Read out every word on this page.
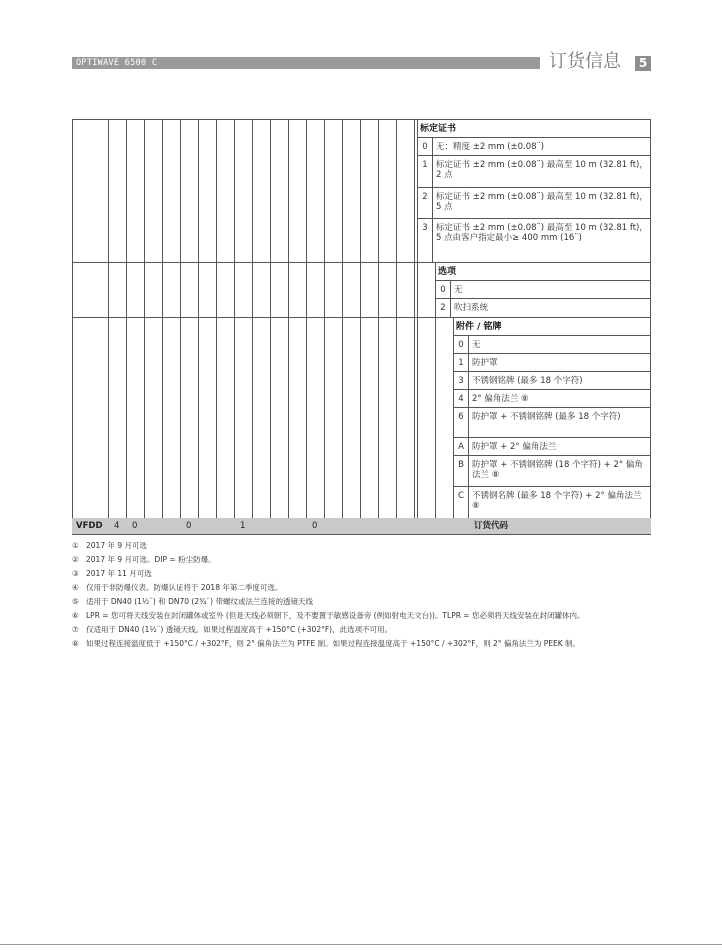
OPTIWAVE 6500 C	订货信息	5
标定证书
0 无：精度 ±2 mm (±0.08¨)
1 标定证书 ±2 mm (±0.08¨) 最高至 10 m (32.81 ft)，2 点
2 标定证书 ±2 mm (±0.08¨) 最高至 10 m (32.81 ft)，5 点
3 标定证书 ±2 mm (±0.08¨) 最高至 10 m (32.81 ft)，5 点由客户指定最小≥ 400 mm (16¨)
选项
0 无
2 吹扫系统
附件 / 铭牌
0 无
1 防护罩
3 不锈钢铭牌 (最多 18 个字符)
4 2° 偏角法兰 ⑧
6 防护罩 + 不锈钢铭牌 (最多 18 个字符)
A 防护罩 + 2° 偏角法兰
B 防护罩 + 不锈钢铭牌 (18 个字符) + 2° 偏角法兰 ⑧
C 不锈钢名牌 (最多 18 个字符) + 2° 偏角法兰 ⑧
VFDD 4 0	0	1	0	订货代码
① 2017 年 9 月可选
② 2017 年 9 月可选。DIP = 粉尘防爆。
③ 2017 年 11 月可选
④ 仅用于非防爆仪表。防爆认证将于 2018 年第二季度可选。
⑤ 适用于 DN40 (1½¨) 和 DN70 (2¾¨) 带螺纹或法兰连接的透镜天线
⑥ LPR = 您可将天线安装在封闭罐体或室外 (但是天线必须朝下，及不要置于敏感设备旁 (例如射电天文台))。TLPR = 您必须将天线安装在封闭罐体内。
⑦ 仅适用于 DN40 (1½¨) 透镜天线。如果过程温度高于 +150°C (+302°F)，此选项不可用。
⑧ 如果过程连接温度低于 +150°C / +302°F，则 2° 偏角法兰为 PTFE 制。如果过程连接温度高于 +150°C / +302°F，则 2° 偏角法兰为 PEEK 制。
